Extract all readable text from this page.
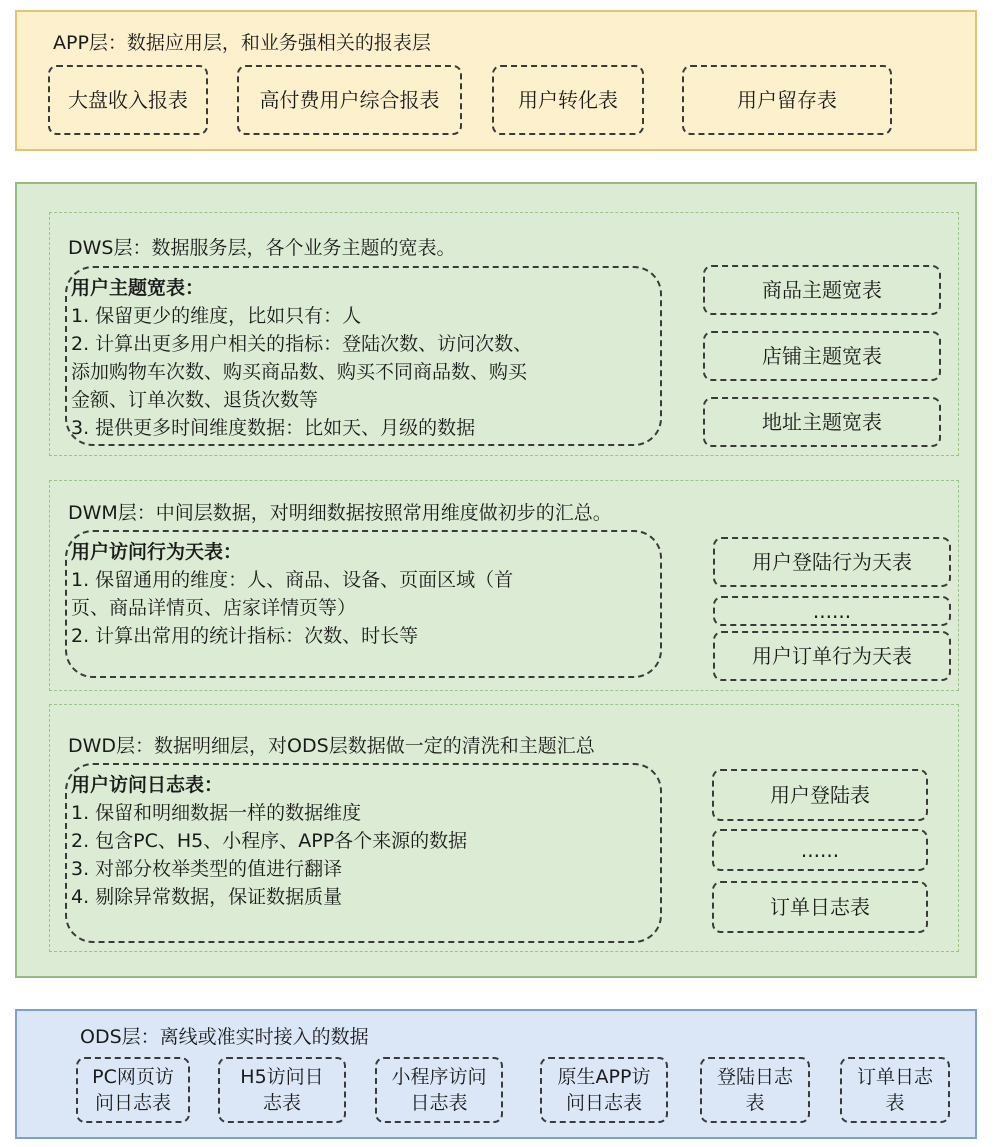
APP层：数据应用层，和业务强相关的报表层
大盘收入报表	高付费用户综合报表	用户转化表	用户留存表
DWS层：数据服务层，各个业务主题的宽表。
用户主题宽表：
1. 保留更少的维度，比如只有：人
2. 计算出更多用户相关的指标：登陆次数、访问次数、
添加购物车次数、购买商品数、购买不同商品数、购买
金额、订单次数、退货次数等
3. 提供更多时间维度数据：比如天、月级的数据
商品主题宽表
店铺主题宽表
地址主题宽表
DWM层：中间层数据，对明细数据按照常用维度做初步的汇总。
用户访问行为天表：
1. 保留通用的维度：人、商品、设备、页面区域（首
页、商品详情页、店家详情页等）
2. 计算出常用的统计指标：次数、时长等
用户登陆行为天表
......
用户订单行为天表
DWD层：数据明细层，对ODS层数据做一定的清洗和主题汇总
用户访问日志表：
1. 保留和明细数据一样的数据维度
2. 包含PC、H5、小程序、APP各个来源的数据
3. 对部分枚举类型的值进行翻译
4. 剔除异常数据，保证数据质量
用户登陆表
......
订单日志表
ODS层：离线或准实时接入的数据
PC网页访
问日志表
H5访问日
志表
小程序访问
日志表
原生APP访
问日志表
登陆日志
表
订单日志
表
